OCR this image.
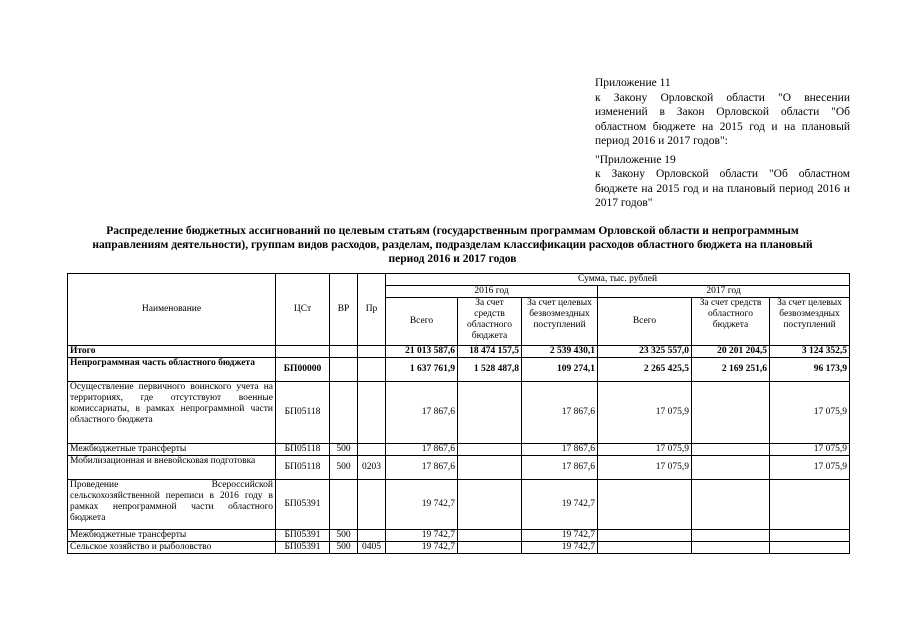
Приложение 11

к Закону Орловской области "О внесении изменений в Закон Орловской области "Об областном бюджете на 2015 год и на плановый период 2016 и 2017 годов":

"Приложение 19

к Закону Орловской области "Об областном бюджете на 2015 год и на плановый период 2016 и 2017 годов"

Распределение бюджетных ассигнований по целевым статьям (государственным программам Орловской области и непрограммным направлениям деятельности), группам видов расходов, разделам, подразделам классификации расходов областного бюджета на плановый период 2016 и 2017 годов
Наименование	ЦСт	ВР	Пр	Сумма, тыс. рублей					
				2016 год			2017 год		
				Всего	За счет средств областного бюджета	За счет целевых безвозмездных поступлений	Всего	За счет средств областного бюджета	За счет целевых безвозмездных поступлений
Итого				21 013 587,6	18 474 157,5	2 539 430,1	23 325 557,0	20 201 204,5	3 124 352,5
Непрограммная часть областного бюджета	БП00000			1 637 761,9	1 528 487,8	109 274,1	2 265 425,5	2 169 251,6	96 173,9
Осуществление первичного воинского учета на территориях, где отсутствуют военные комиссариаты, в рамках непрограммной части областного бюджета	БП05118			17 867,6		17 867,6	17 075,9		17 075,9
Межбюджетные трансферты	БП05118	500		17 867,6		17 867,6	17 075,9		17 075,9
Мобилизационная и вневойсковая подготовка	БП05118	500	0203	17 867,6		17 867,6	17 075,9		17 075,9
Проведение Всероссийской сельскохозяйственной переписи в 2016 году в рамках непрограммной части областного бюджета	БП05391			19 742,7		19 742,7			
Межбюджетные трансферты	БП05391	500		19 742,7		19 742,7			
Сельское хозяйство и рыболовство	БП05391	500	0405	19 742,7		19 742,7			
